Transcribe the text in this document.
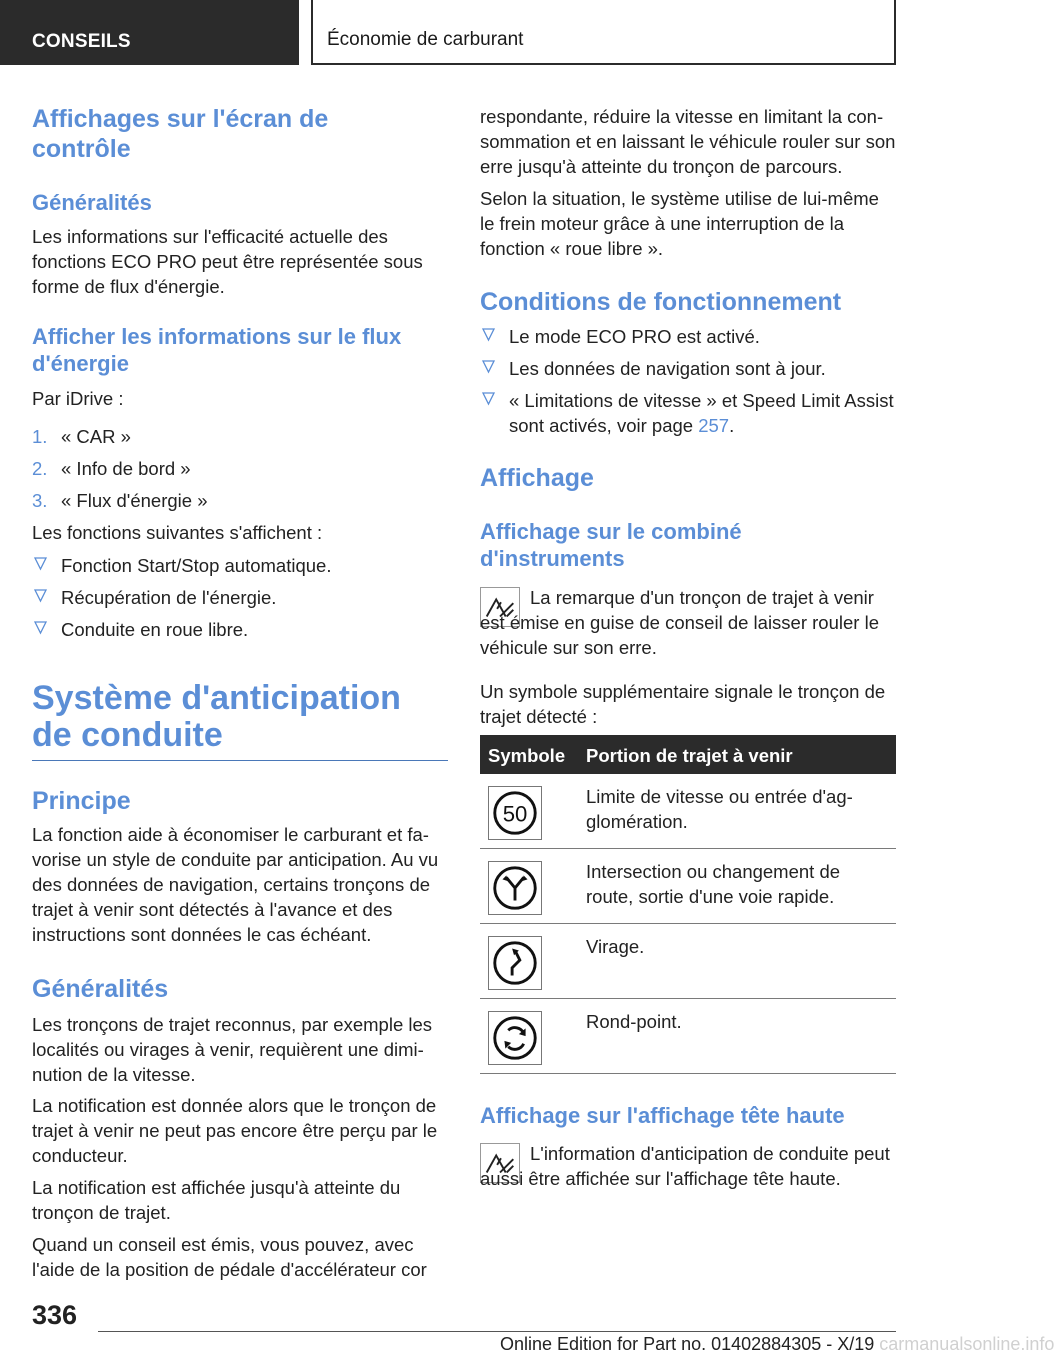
CONSEILS	Économie de carburant
Affichages sur l'écran de contrôle
Généralités
Les informations sur l'efficacité actuelle des fonctions ECO PRO peut être représentée sous forme de flux d'énergie.
Afficher les informations sur le flux d'énergie
Par iDrive :
1. « CAR »
2. « Info de bord »
3. « Flux d'énergie »
Les fonctions suivantes s'affichent :
Fonction Start/Stop automatique.
Récupération de l'énergie.
Conduite en roue libre.
Système d'anticipation de conduite
Principe
La fonction aide à économiser le carburant et favorise un style de conduite par anticipation. Au vu des données de navigation, certains tronçons de trajet à venir sont détectés à l'avance et des instructions sont données le cas échéant.
Généralités
Les tronçons de trajet reconnus, par exemple les localités ou virages à venir, requièrent une diminution de la vitesse.
La notification est donnée alors que le tronçon de trajet à venir ne peut pas encore être perçu par le conducteur.
La notification est affichée jusqu'à atteinte du tronçon de trajet.
Quand un conseil est émis, vous pouvez, avec l'aide de la position de pédale d'accélérateur cor
respondante, réduire la vitesse en limitant la consommation et en laissant le véhicule rouler sur son erre jusqu'à atteinte du tronçon de parcours.
Selon la situation, le système utilise de lui-même le frein moteur grâce à une interruption de la fonction « roue libre ».
Conditions de fonctionnement
Le mode ECO PRO est activé.
Les données de navigation sont à jour.
« Limitations de vitesse » et Speed Limit Assist sont activés, voir page 257.
Affichage
Affichage sur le combiné d'instruments
La remarque d'un tronçon de trajet à venir est émise en guise de conseil de laisser rouler le véhicule sur son erre.
Un symbole supplémentaire signale le tronçon de trajet détecté :
Symbole Portion de trajet à venir
50
Limite de vitesse ou entrée d'agglomération.
Intersection ou changement de route, sortie d'une voie rapide.
Virage.
Rond-point.
Affichage sur l'affichage tête haute
L'information d'anticipation de conduite peut aussi être affichée sur l'affichage tête haute.
336
Online Edition for Part no. 01402884305 - X/19 carmanualsonline.info
